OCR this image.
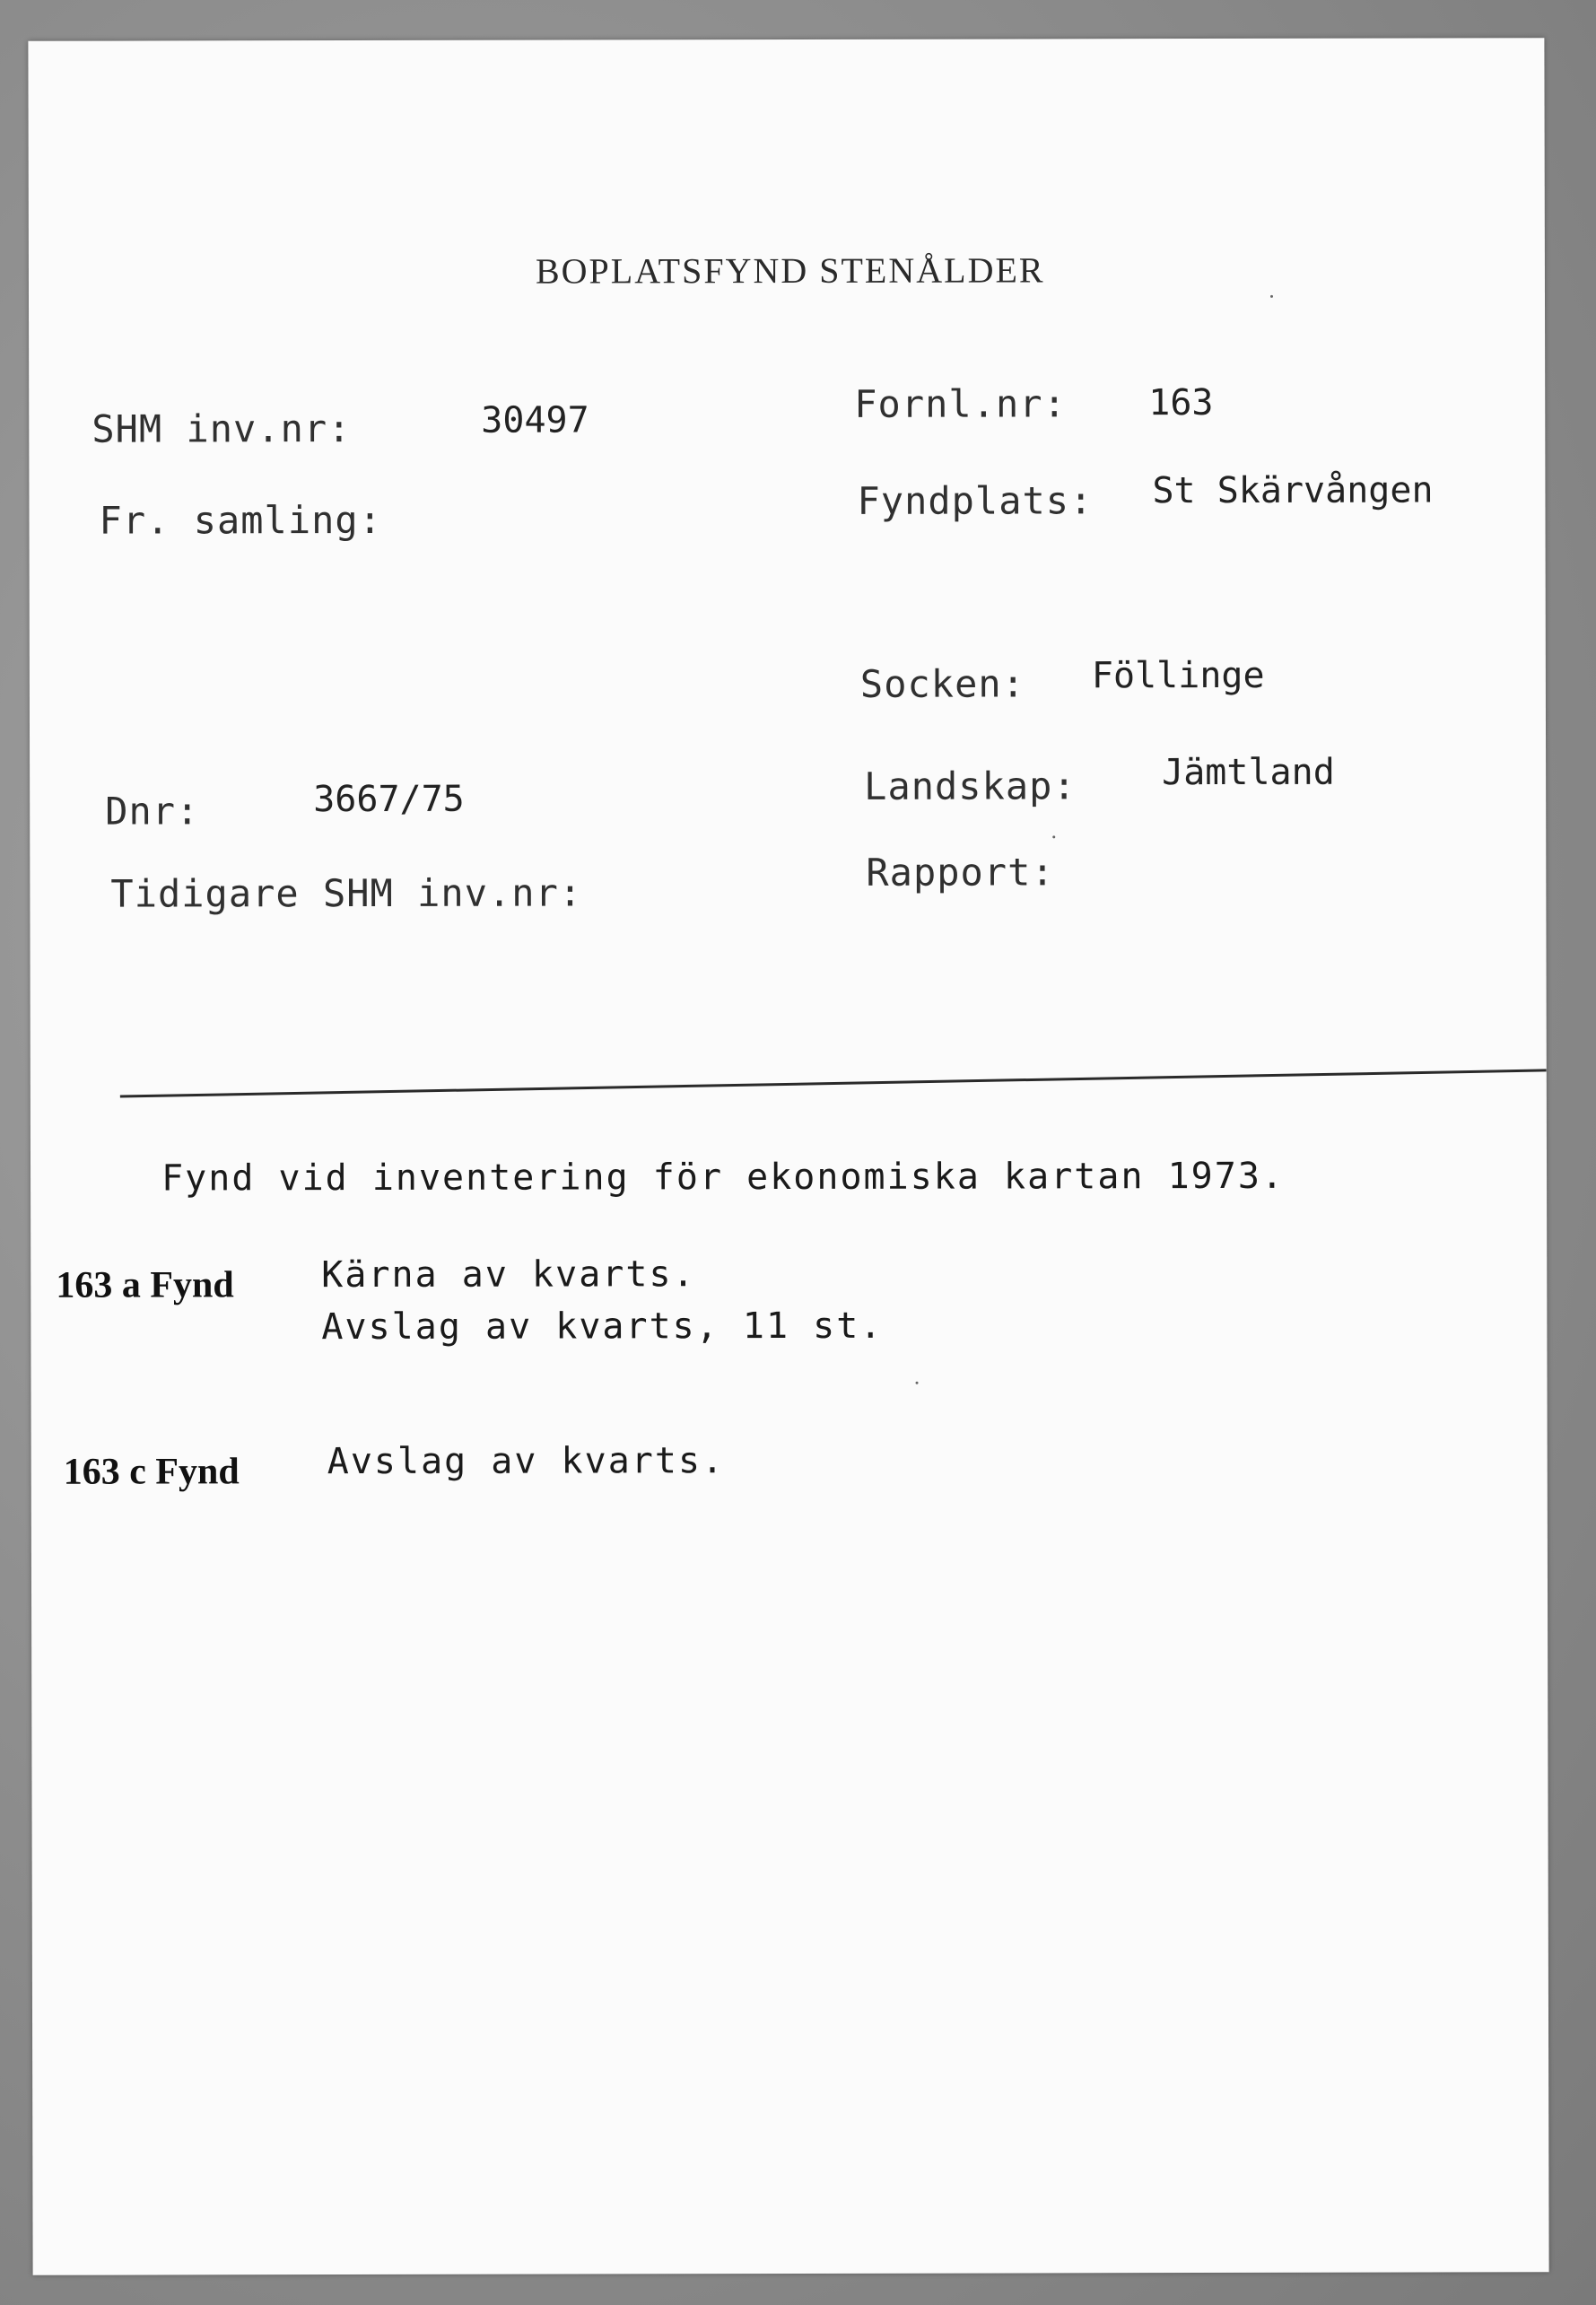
BOPLATSFYND STENÅLDER
SHM inv.nr:	30497	Fornl.nr: 163
Fr. samling:	Fyndplats: St Skärvången
Socken: Föllinge
Dnr:	3667/75	Landskap: Jämtland
Tidigare SHM inv.nr:	Rapport:
Fynd vid inventering för ekonomiska kartan 1973.
163 a Fynd Kärna av kvarts.
Avslag av kvarts, 11 st.
163 c Fynd Avslag av kvarts.
